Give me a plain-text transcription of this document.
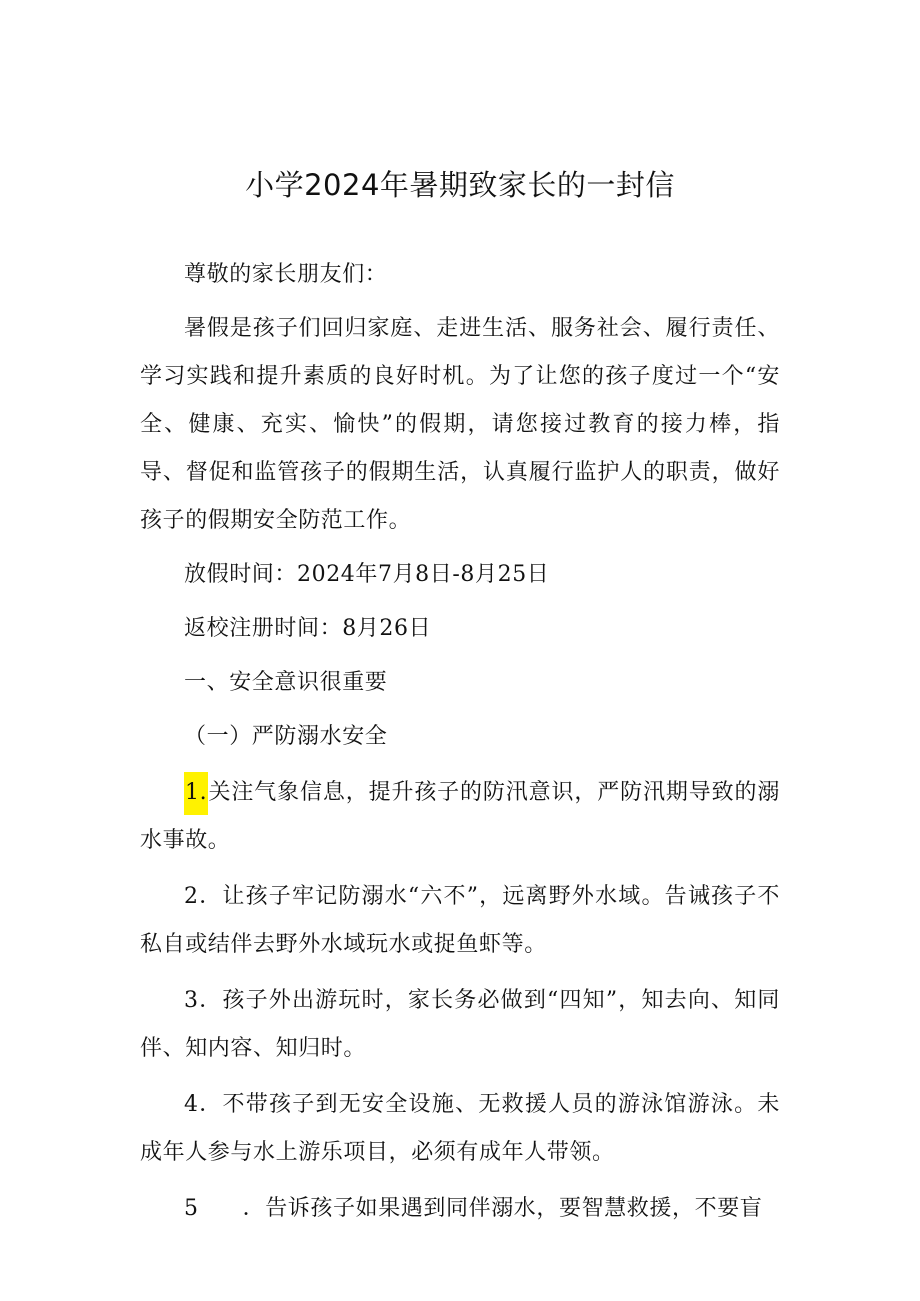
小学2024年暑期致家长的一封信

尊敬的家长朋友们：

暑假是孩子们回归家庭、走进生活、服务社会、履行责任、学习实践和提升素质的良好时机。为了让您的孩子度过一个“安全、健康、充实、愉快”的假期，请您接过教育的接力棒，指导、督促和监管孩子的假期生活，认真履行监护人的职责，做好孩子的假期安全防范工作。

放假时间：2024年7月8日-8月25日

返校注册时间：8月26日

一、安全意识很重要

（一）严防溺水安全

1.关注气象信息，提升孩子的防汛意识，严防汛期导致的溺水事故。

2．让孩子牢记防溺水“六不”，远离野外水域。告诫孩子不私自或结伴去野外水域玩水或捉鱼虾等。

3．孩子外出游玩时，家长务必做到“四知”，知去向、知同伴、知内容、知归时。

4．不带孩子到无安全设施、无救援人员的游泳馆游泳。未成年人参与水上游乐项目，必须有成年人带领。

5 ．告诉孩子如果遇到同伴溺水，要智慧救援，不要盲
